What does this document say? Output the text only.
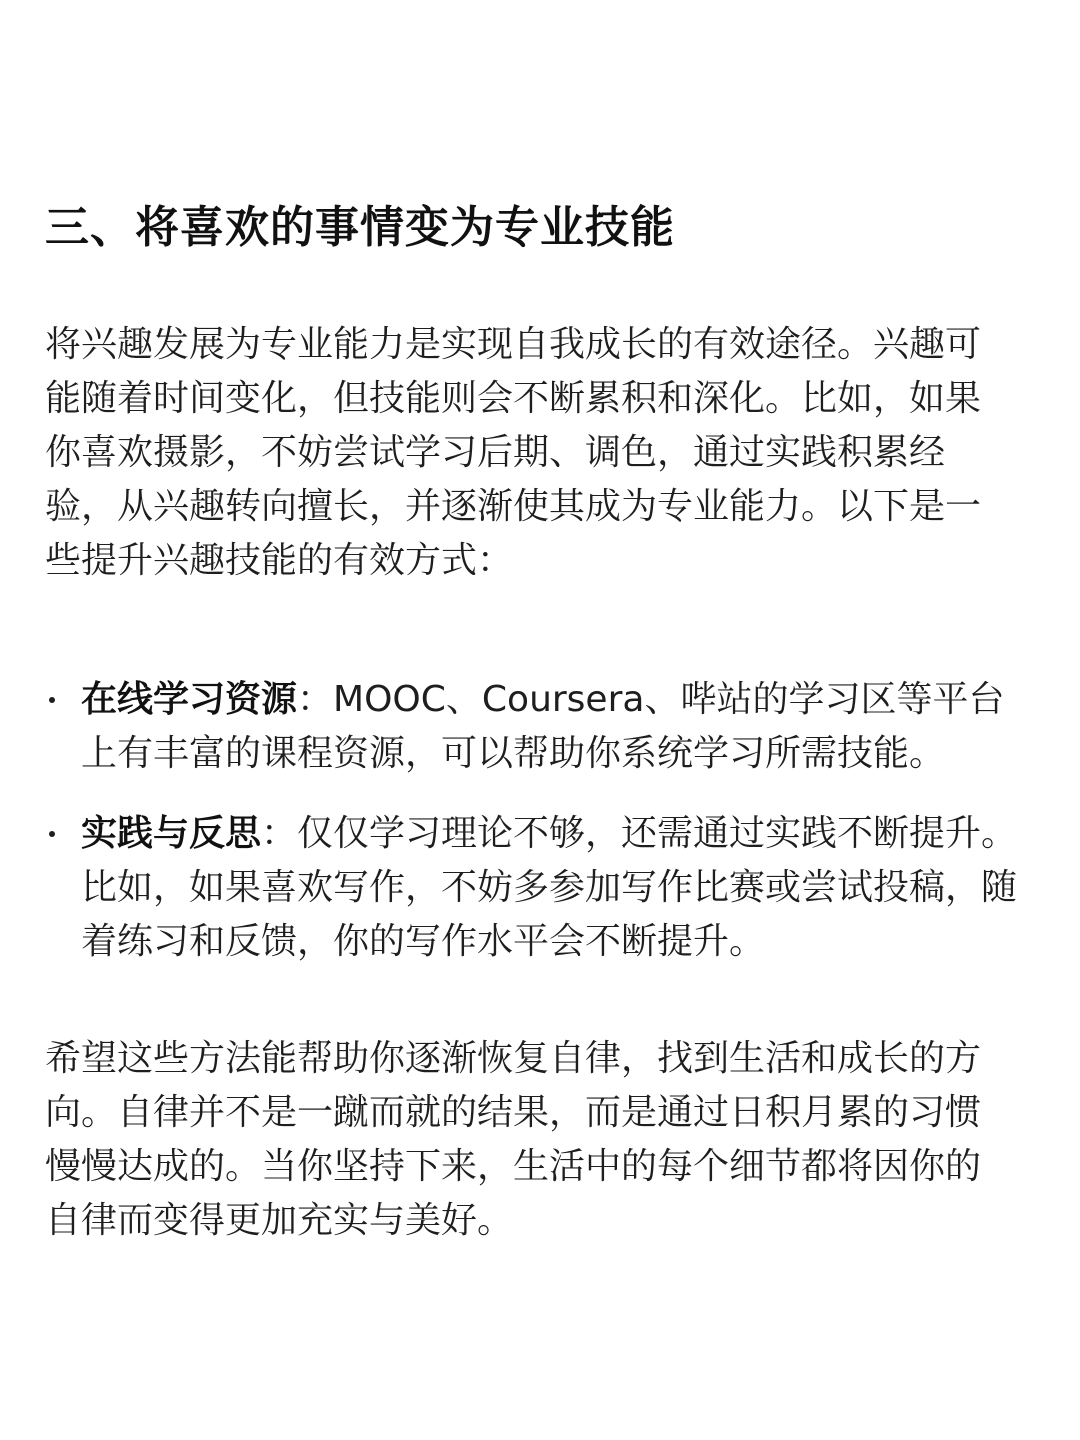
三、将喜欢的事情变为专业技能

将兴趣发展为专业能力是实现自我成长的有效途径。兴趣可能随着时间变化，但技能则会不断累积和深化。比如，如果你喜欢摄影，不妨尝试学习后期、调色，通过实践积累经验，从兴趣转向擅长，并逐渐使其成为专业能力。以下是一些提升兴趣技能的有效方式：

在线学习资源：MOOC、Coursera、哔站的学习区等平台上有丰富的课程资源，可以帮助你系统学习所需技能。
实践与反思：仅仅学习理论不够，还需通过实践不断提升。比如，如果喜欢写作，不妨多参加写作比赛或尝试投稿，随着练习和反馈，你的写作水平会不断提升。

希望这些方法能帮助你逐渐恢复自律，找到生活和成长的方向。自律并不是一蹴而就的结果，而是通过日积月累的习惯慢慢达成的。当你坚持下来，生活中的每个细节都将因你的自律而变得更加充实与美好。
